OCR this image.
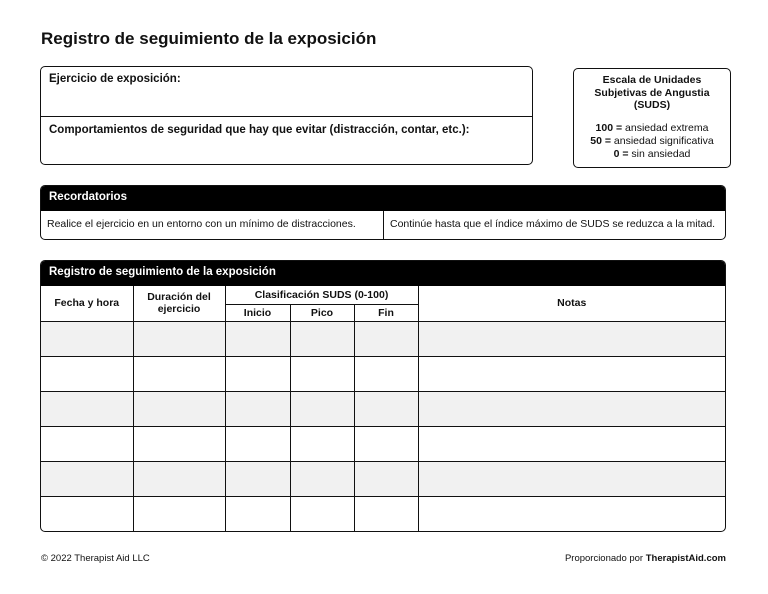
Registro de seguimiento de la exposición
Ejercicio de exposición:
Comportamientos de seguridad que hay que evitar (distracción, contar, etc.):
Escala de Unidades Subjetivas de Angustia (SUDS)
100 = ansiedad extrema
50 = ansiedad significativa
0 = sin ansiedad
Recordatorios
Realice el ejercicio en un entorno con un mínimo de distracciones.	Continúe hasta que el índice máximo de SUDS se reduzca a la mitad.
Registro de seguimiento de la exposición
Fecha y hora	Duración del ejercicio	Clasificación SUDS (0-100)			Notas
		Inicio	Pico	Fin	

© 2022 Therapist Aid LLC	Proporcionado por TherapistAid.com
